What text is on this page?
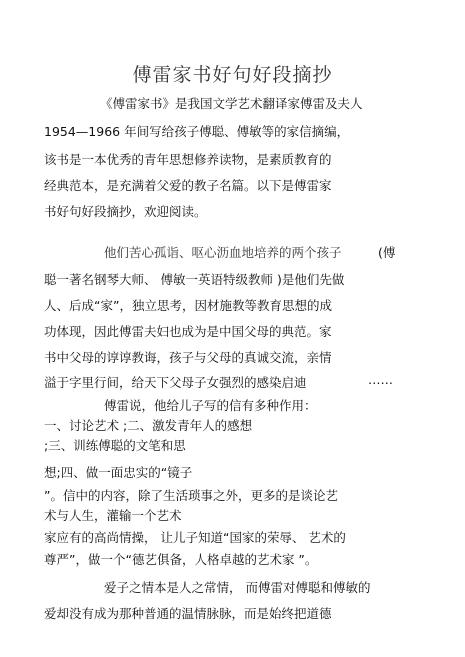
傅雷家书好句好段摘抄
《傅雷家书》是我国文学艺术翻译家傅雷及夫人
1954—1966 年间写给孩子傅聪、傅敏等的家信摘编，
该书是一本优秀的青年思想修养读物，是素质教育的
经典范本，是充满着父爱的教子名篇。以下是傅雷家
书好句好段摘抄，欢迎阅读。
他们苦心孤诣、呕心沥血地培养的两个孩子	(傅
聪一著名钢琴大师、 傅敏一英语特级教师 )是他们先做
人、后成“家”，独立思考，因材施教等教育思想的成
功体现，因此傅雷夫妇也成为是中国父母的典范。家
书中父母的谆谆教诲，孩子与父母的真诚交流，亲情
溢于字里行间，给天下父母子女强烈的感染启迪	……
傅雷说，他给儿子写的信有多种作用：
一、讨论艺术 ;二、激发青年人的感想
;三、训练傅聪的文笔和思
想;四、做一面忠实的“镜子
”。信中的内容，除了生活琐事之外，更多的是谈论艺
术与人生，灌输一个艺术
家应有的高尚情操， 让儿子知道“国家的荣辱、 艺术的
尊严”，做一个“德艺俱备，人格卓越的艺术家 ”。
爱子之情本是人之常情， 而傅雷对傅聪和傅敏的
爱却没有成为那种普通的温情脉脉，而是始终把道德
